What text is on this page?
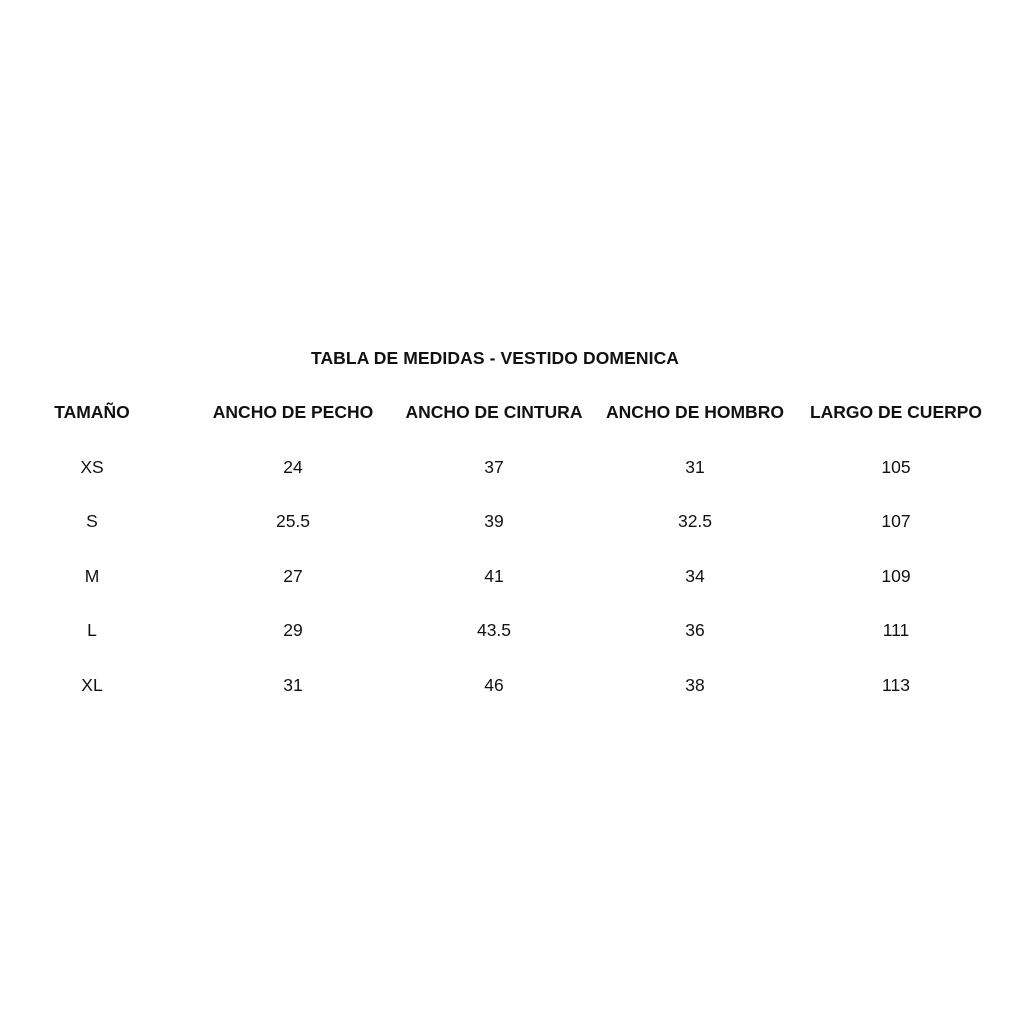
TABLA DE MEDIDAS - VESTIDO DOMENICA
TAMAÑO	ANCHO DE PECHO	ANCHO DE CINTURA	ANCHO DE HOMBRO	LARGO DE CUERPO
XS	24	37	31	105
S	25.5	39	32.5	107
M	27	41	34	109
L	29	43.5	36	111
XL	31	46	38	113
